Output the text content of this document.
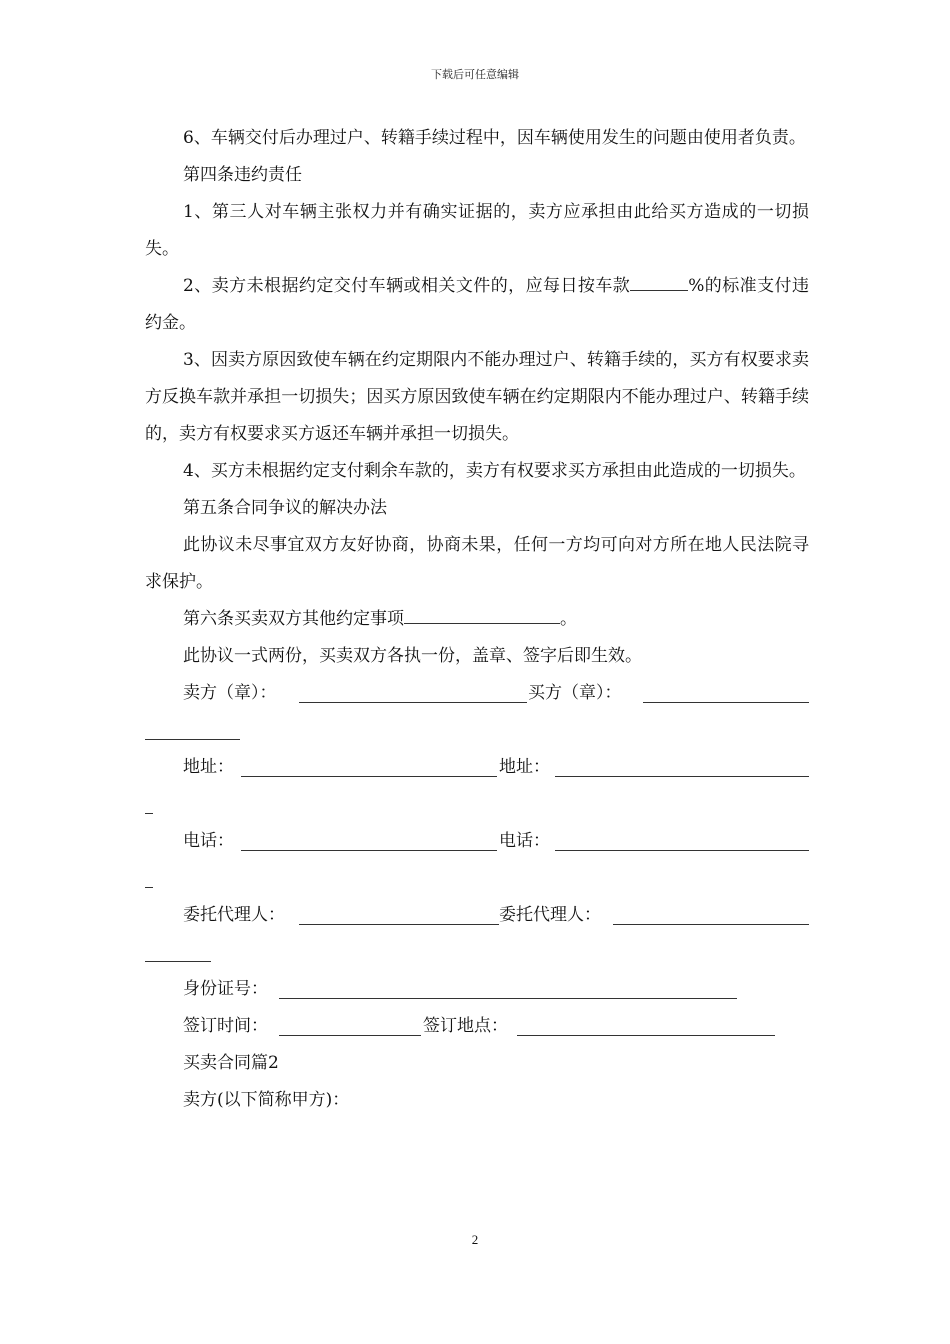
下载后可任意编辑

6、车辆交付后办理过户、转籍手续过程中，因车辆使用发生的问题由使用者负责。

第四条违约责任

1、第三人对车辆主张权力并有确实证据的，卖方应承担由此给买方造成的一切损失。

2、卖方未根据约定交付车辆或相关文件的，应每日按车款	%的标准支付违约金。

3、因卖方原因致使车辆在约定期限内不能办理过户、转籍手续的，买方有权要求卖方反换车款并承担一切损失；因买方原因致使车辆在约定期限内不能办理过户、转籍手续的，卖方有权要求买方返还车辆并承担一切损失。

4、买方未根据约定支付剩余车款的，卖方有权要求买方承担由此造成的一切损失。

第五条合同争议的解决办法

此协议未尽事宜双方友好协商，协商未果，任何一方均可向对方所在地人民法院寻求保护。

第六条买卖双方其他约定事项	。

此协议一式两份，买卖双方各执一份，盖章、签字后即生效。

卖方（章）：	买方（章）：
地址：	地址：
电话：	电话：
委托代理人：	委托代理人：
身份证号：
签订时间：	签订地点：

买卖合同篇2

卖方(以下简称甲方)：

2
